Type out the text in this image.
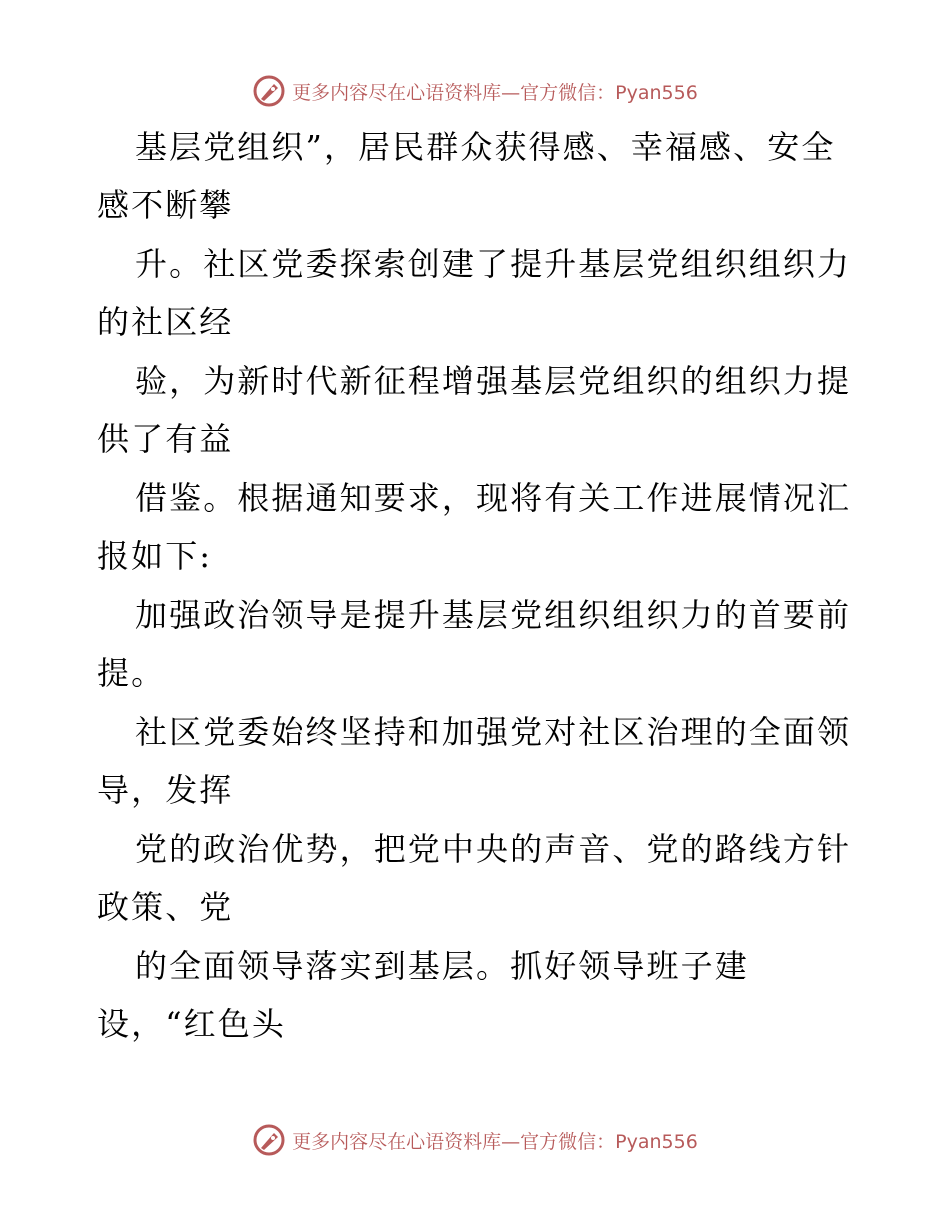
更多内容尽在心语资料库—官方微信：Pyan556
基层党组织”，居民群众获得感、幸福感、安全
感不断攀
升。社区党委探索创建了提升基层党组织组织力
的社区经
验，为新时代新征程增强基层党组织的组织力提
供了有益
借鉴。根据通知要求，现将有关工作进展情况汇
报如下:
加强政治领导是提升基层党组织组织力的首要前
提。
社区党委始终坚持和加强党对社区治理的全面领
导，发挥
党的政治优势，把党中央的声音、党的路线方针
政策、党
的全面领导落实到基层。抓好领导班子建
设，“红色头
更多内容尽在心语资料库—官方微信：Pyan556
